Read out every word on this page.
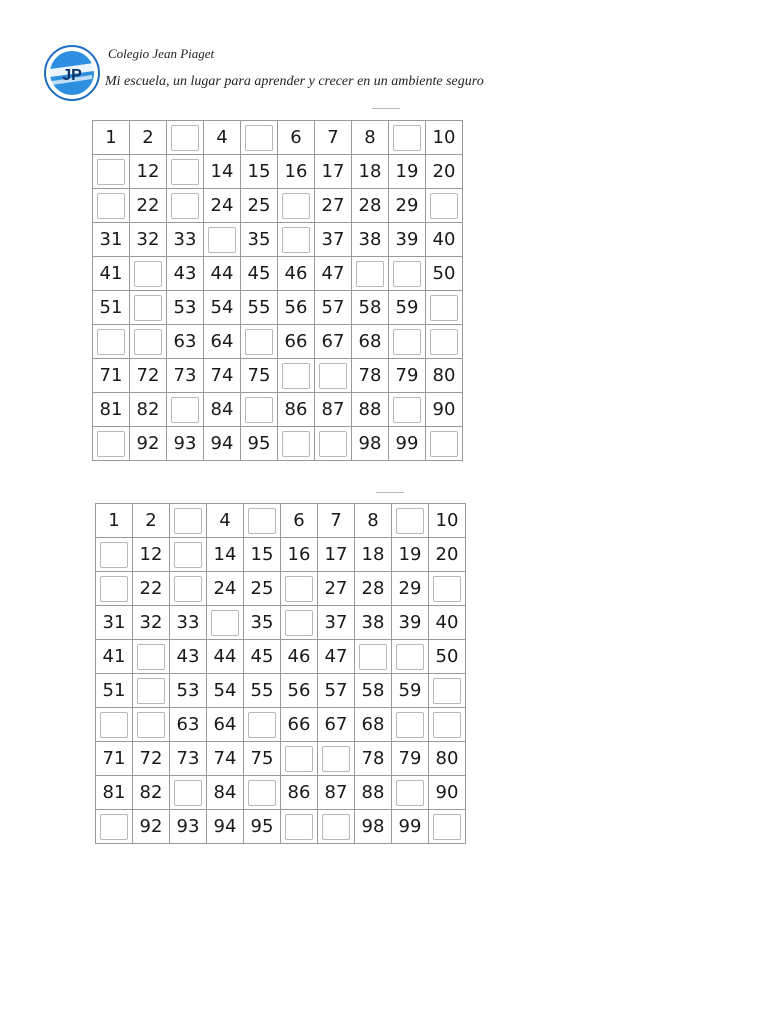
JP
Colegio Jean Piaget
Mi escuela, un lugar para aprender y crecer en un ambiente seguro
1	2		4		6	7	8		10
	12		14	15	16	17	18	19	20
	22		24	25		27	28	29	
31	32	33		35		37	38	39	40
41		43	44	45	46	47			50
51		53	54	55	56	57	58	59	
		63	64		66	67	68		
71	72	73	74	75			78	79	80
81	82		84		86	87	88		90
	92	93	94	95			98	99	
1	2		4		6	7	8		10
	12		14	15	16	17	18	19	20
	22		24	25		27	28	29	
31	32	33		35		37	38	39	40
41		43	44	45	46	47			50
51		53	54	55	56	57	58	59	
		63	64		66	67	68		
71	72	73	74	75			78	79	80
81	82		84		86	87	88		90
	92	93	94	95			98	99	
